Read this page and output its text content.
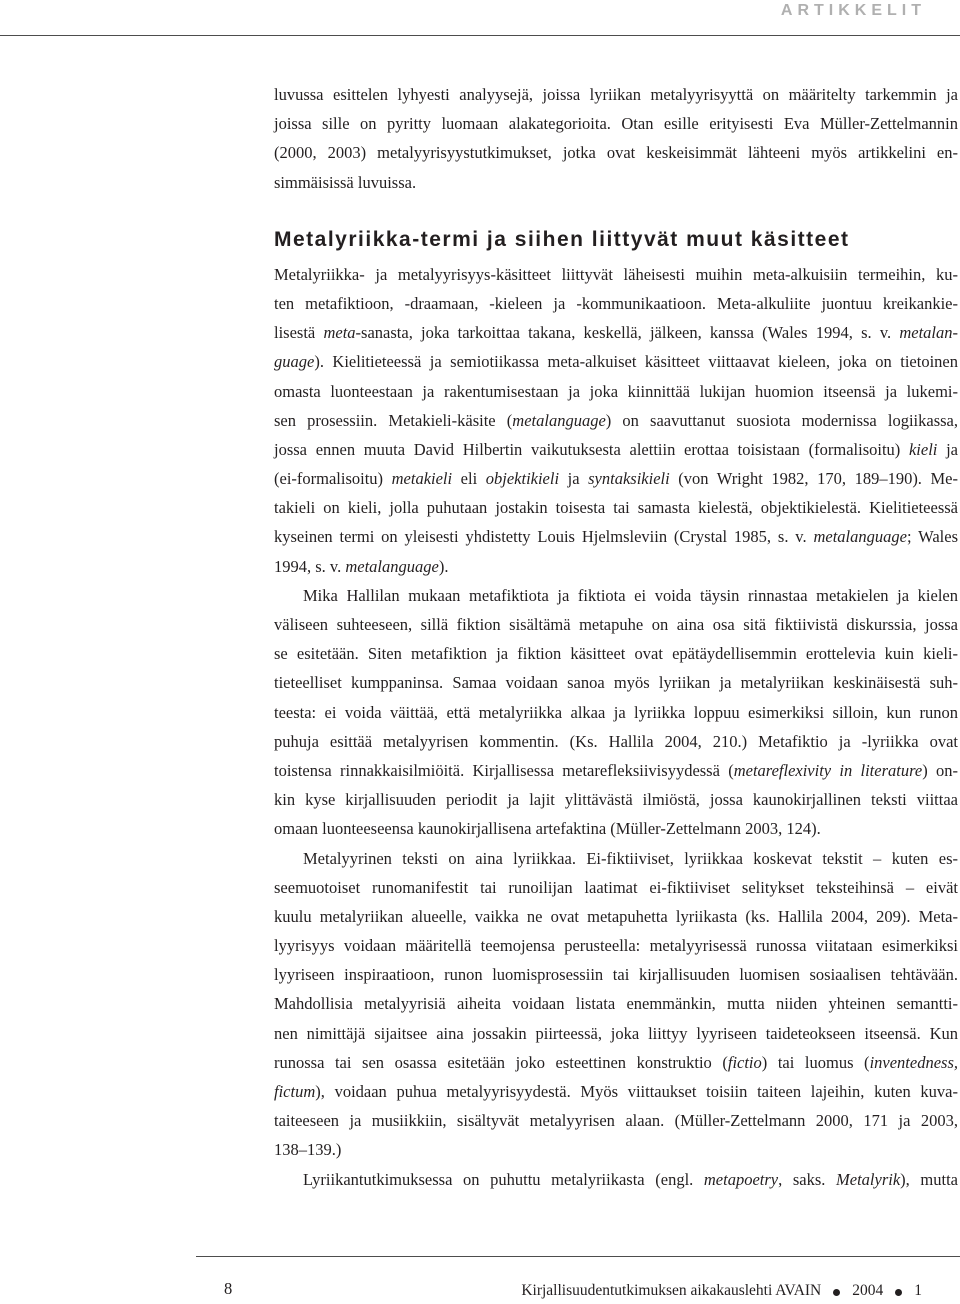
ARTIKKELIT
luvussa esittelen lyhyesti analyysejä, joissa lyriikan metalyyrisyyttä on määritelty tarkemmin ja
joissa sille on pyritty luomaan alakategorioita. Otan esille erityisesti Eva Müller-Zettelmannin
(2000, 2003) metalyyrisyystutkimukset, jotka ovat keskeisimmät lähteeni myös artikkelini en-
simmäisissä luvuissa.
Metalyriikka-termi ja siihen liittyvät muut käsitteet
Metalyriikka- ja metalyyrisyys-käsitteet liittyvät läheisesti muihin meta-alkuisiin termeihin, ku-
ten metafiktioon, -draamaan, -kieleen ja -kommunikaatioon. Meta-alkuliite juontuu kreikankie-
lisestä meta-sanasta, joka tarkoittaa takana, keskellä, jälkeen, kanssa (Wales 1994, s. v. metalan-
guage). Kielitieteessä ja semiotiikassa meta-alkuiset käsitteet viittaavat kieleen, joka on tietoinen
omasta luonteestaan ja rakentumisestaan ja joka kiinnittää lukijan huomion itseensä ja lukemi-
sen prosessiin. Metakieli-käsite (metalanguage) on saavuttanut suosiota modernissa logiikassa,
jossa ennen muuta David Hilbertin vaikutuksesta alettiin erottaa toisistaan (formalisoitu) kieli ja
(ei-formalisoitu) metakieli eli objektikieli ja syntaksikieli (von Wright 1982, 170, 189–190). Me-
takieli on kieli, jolla puhutaan jostakin toisesta tai samasta kielestä, objektikielestä. Kielitieteessä
kyseinen termi on yleisesti yhdistetty Louis Hjelmsleviin (Crystal 1985, s. v. metalanguage; Wales
1994, s. v. metalanguage).
Mika Hallilan mukaan metafiktiota ja fiktiota ei voida täysin rinnastaa metakielen ja kielen
väliseen suhteeseen, sillä fiktion sisältämä metapuhe on aina osa sitä fiktiivistä diskurssia, jossa
se esitetään. Siten metafiktion ja fiktion käsitteet ovat epätäydellisemmin erottelevia kuin kieli-
tieteelliset kumppaninsa. Samaa voidaan sanoa myös lyriikan ja metalyriikan keskinäisestä suh-
teesta: ei voida väittää, että metalyriikka alkaa ja lyriikka loppuu esimerkiksi silloin, kun runon
puhuja esittää metalyyrisen kommentin. (Ks. Hallila 2004, 210.) Metafiktio ja -lyriikka ovat
toistensa rinnakkaisilmiöitä. Kirjallisessa metarefleksiivisyydessä (metareflexivity in literature) on-
kin kyse kirjallisuuden periodit ja lajit ylittävästä ilmiöstä, jossa kaunokirjallinen teksti viittaa
omaan luonteeseensa kaunokirjallisena artefaktina (Müller-Zettelmann 2003, 124).
Metalyyrinen teksti on aina lyriikkaa. Ei-fiktiiviset, lyriikkaa koskevat tekstit – kuten es-
seemuotoiset runomanifestit tai runoilijan laatimat ei-fiktiiviset selitykset teksteihinsä – eivät
kuulu metalyriikan alueelle, vaikka ne ovat metapuhetta lyriikasta (ks. Hallila 2004, 209). Meta-
lyyrisyys voidaan määritellä teemojensa perusteella: metalyyrisessä runossa viitataan esimerkiksi
lyyriseen inspiraatioon, runon luomisprosessiin tai kirjallisuuden luomisen sosiaalisen tehtävään.
Mahdollisia metalyyrisiä aiheita voidaan listata enemmänkin, mutta niiden yhteinen semantti-
nen nimittäjä sijaitsee aina jossakin piirteessä, joka liittyy lyyriseen taideteokseen itseensä. Kun
runossa tai sen osassa esitetään joko esteettinen konstruktio (fictio) tai luomus (inventedness,
fictum), voidaan puhua metalyyrisyydestä. Myös viittaukset toisiin taiteen lajeihin, kuten kuva-
taiteeseen ja musiikkiin, sisältyvät metalyyrisen alaan. (Müller-Zettelmann 2000, 171 ja 2003,
138–139.)
Lyriikantutkimuksessa on puhuttu metalyriikasta (engl. metapoetry, saks. Metalyrik), mutta
8	Kirjallisuudentutkimuksen aikakauslehti AVAIN 2004 1
